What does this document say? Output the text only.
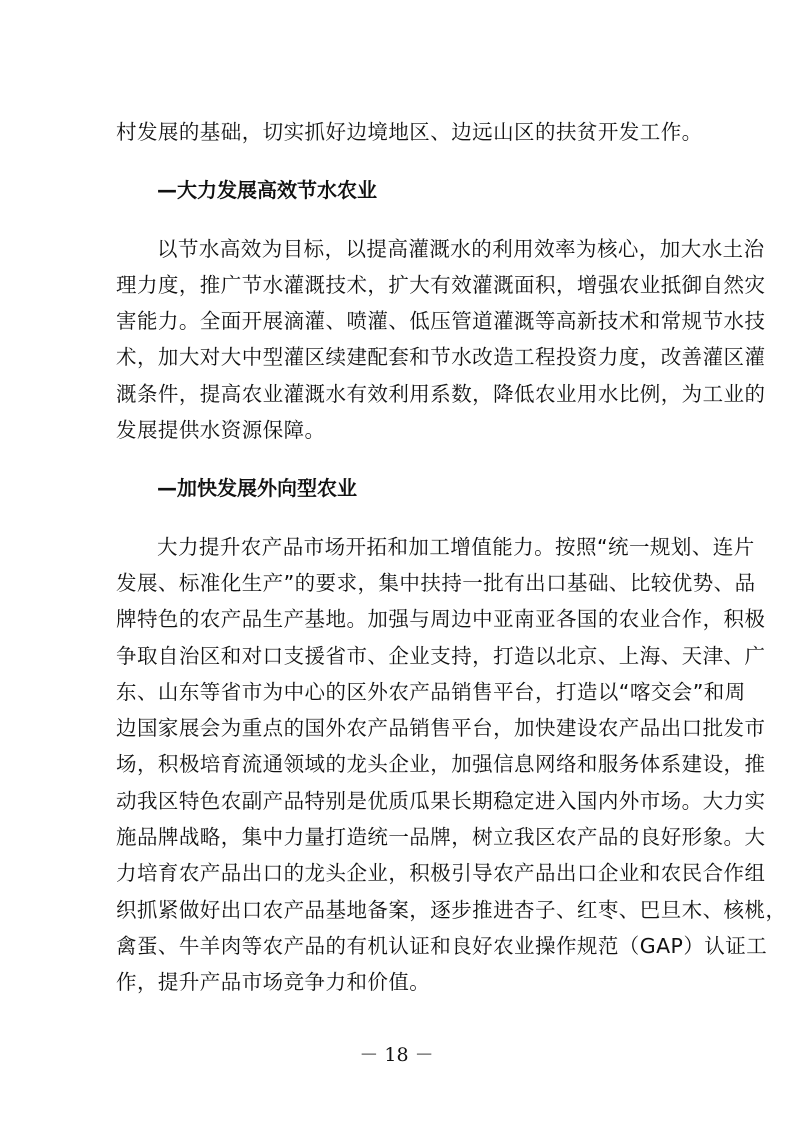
村发展的基础，切实抓好边境地区、边远山区的扶贫开发工作。
—大力发展高效节水农业
以节水高效为目标，以提高灌溉水的利用效率为核心，加大水土治
理力度，推广节水灌溉技术，扩大有效灌溉面积，增强农业抵御自然灾
害能力。全面开展滴灌、喷灌、低压管道灌溉等高新技术和常规节水技
术，加大对大中型灌区续建配套和节水改造工程投资力度，改善灌区灌
溉条件，提高农业灌溉水有效利用系数，降低农业用水比例，为工业的
发展提供水资源保障。
—加快发展外向型农业
大力提升农产品市场开拓和加工增值能力。按照“统一规划、连片
发展、标准化生产”的要求，集中扶持一批有出口基础、比较优势、品
牌特色的农产品生产基地。加强与周边中亚南亚各国的农业合作，积极
争取自治区和对口支援省市、企业支持，打造以北京、上海、天津、广
东、山东等省市为中心的区外农产品销售平台，打造以“喀交会”和周
边国家展会为重点的国外农产品销售平台，加快建设农产品出口批发市
场，积极培育流通领域的龙头企业，加强信息网络和服务体系建设，推
动我区特色农副产品特别是优质瓜果长期稳定进入国内外市场。大力实
施品牌战略，集中力量打造统一品牌，树立我区农产品的良好形象。大
力培育农产品出口的龙头企业，积极引导农产品出口企业和农民合作组
织抓紧做好出口农产品基地备案，逐步推进杏子、红枣、巴旦木、核桃，
禽蛋、牛羊肉等农产品的有机认证和良好农业操作规范（GAP）认证工
作，提升产品市场竞争力和价值。
－ 18 －
